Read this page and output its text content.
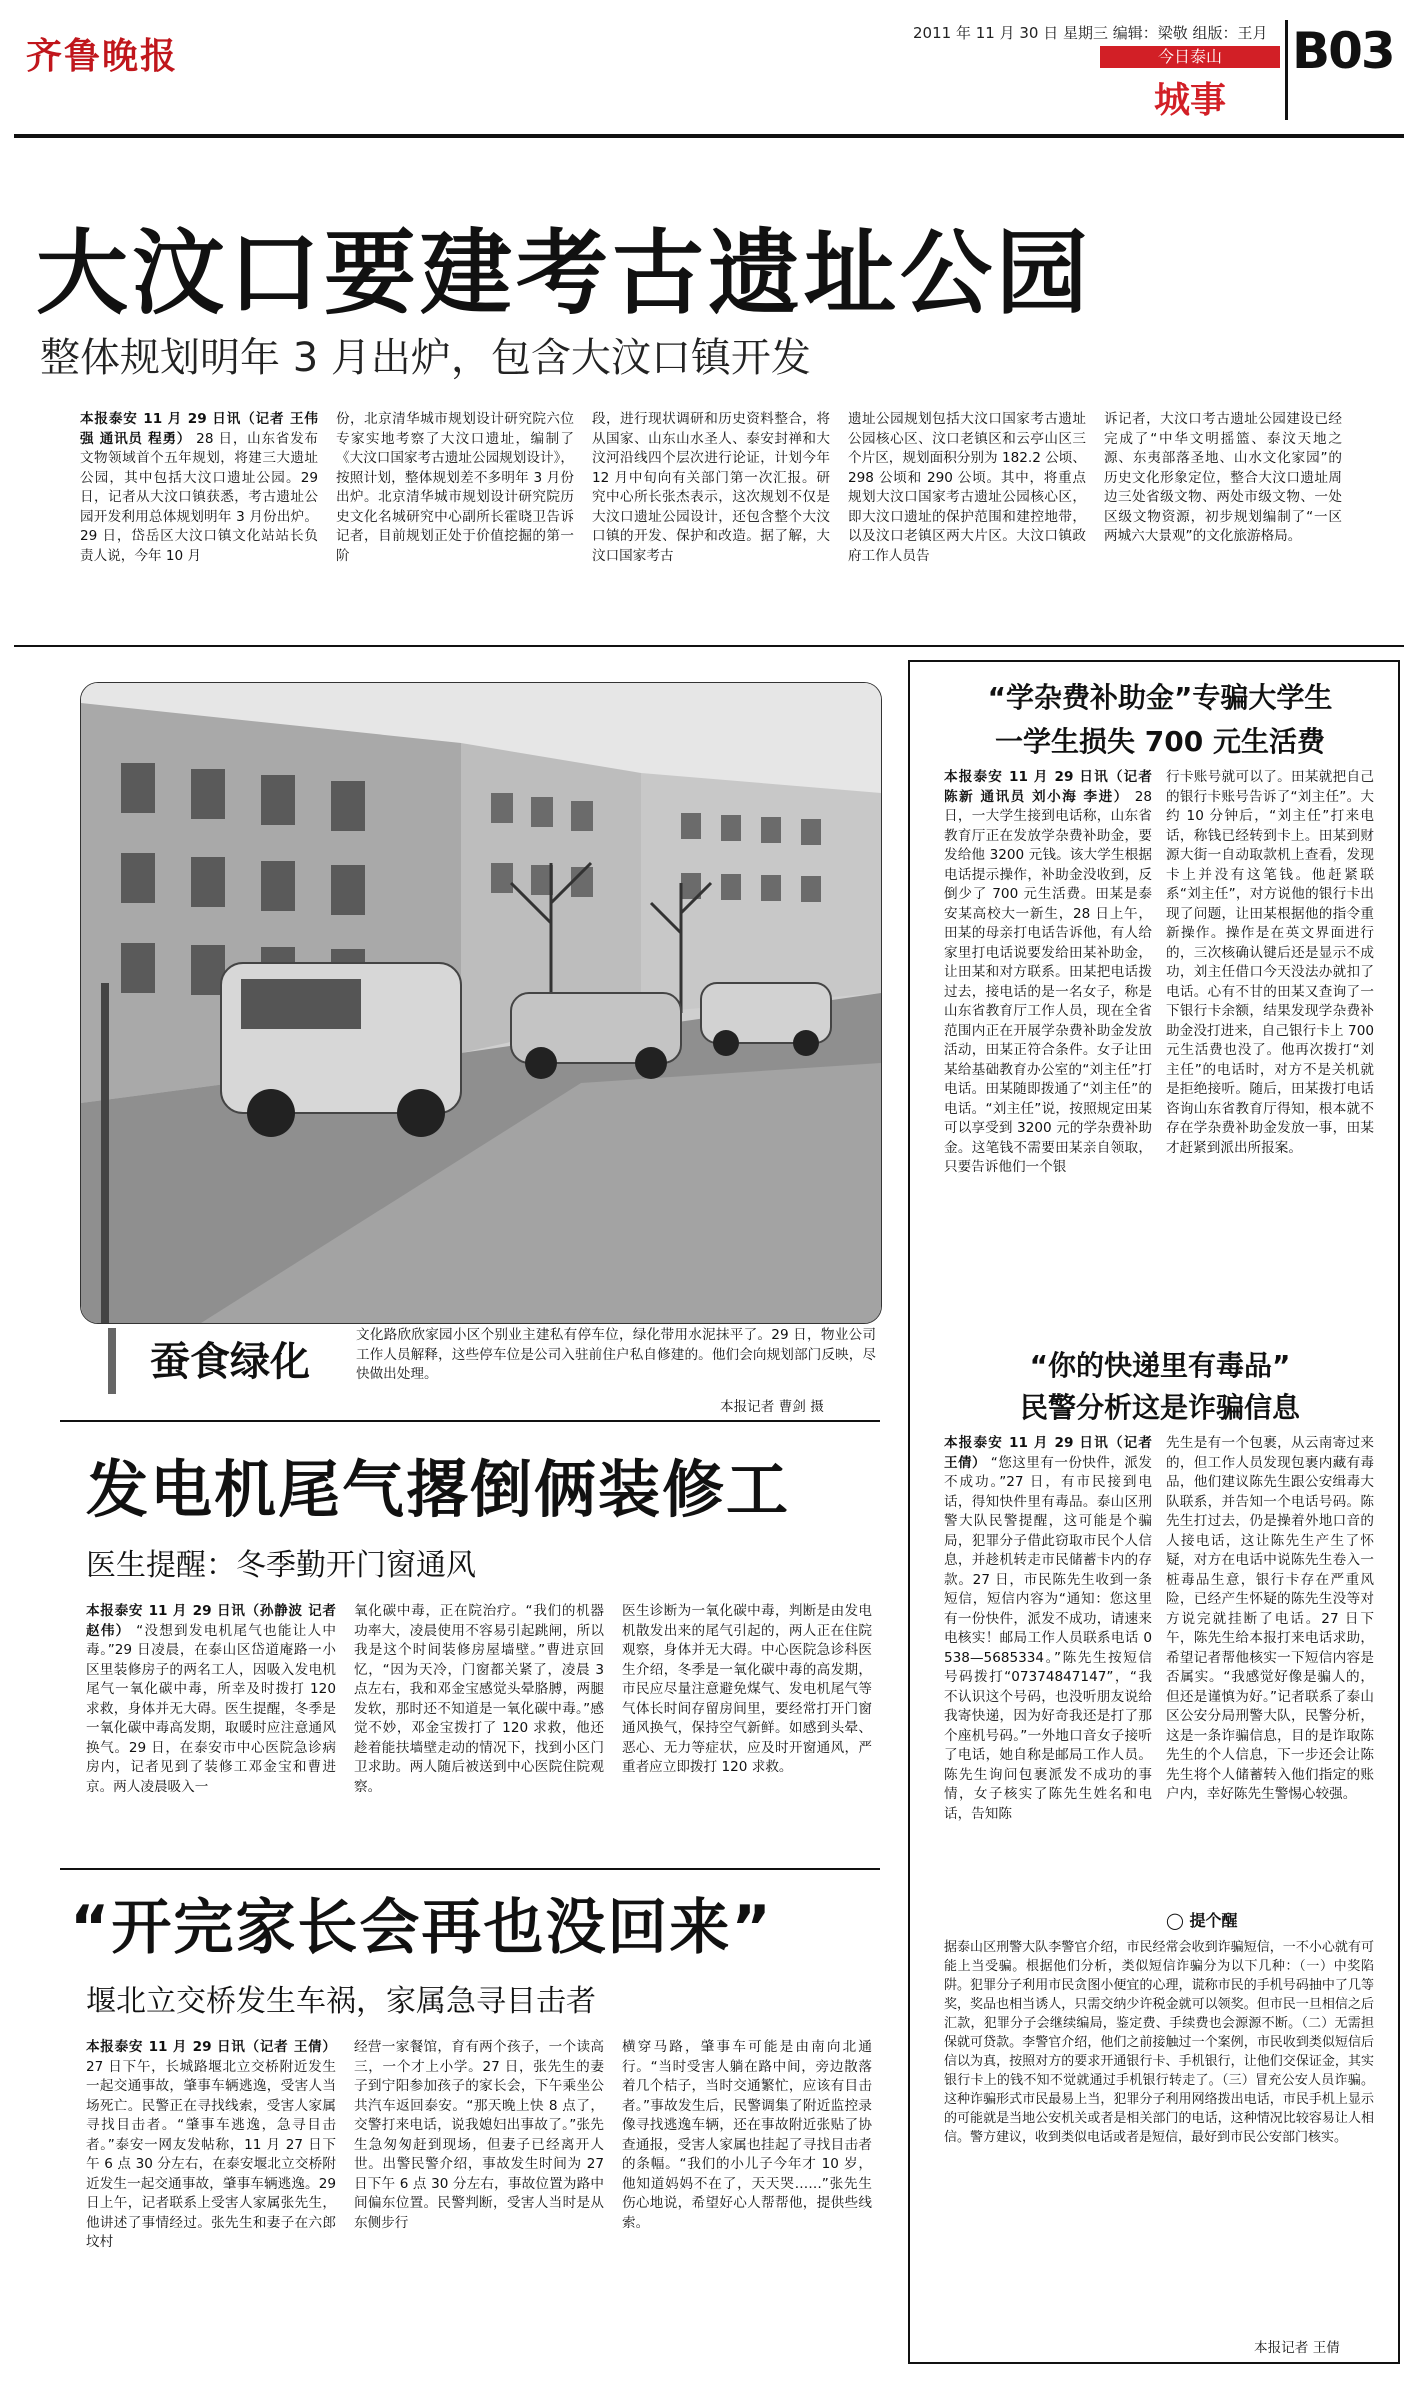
齐鲁晚报
2011 年 11 月 30 日 星期三 编辑：梁敬 组版：王月
今日泰山
城事
B03
大汶口要建考古遗址公园
整体规划明年 3 月出炉，包含大汶口镇开发
本报泰安 11 月 29 日讯（记者 王伟强 通讯员 程勇） 28 日，山东省发布文物领域首个五年规划，将建三大遗址公园，其中包括大汶口遗址公园。29 日，记者从大汶口镇获悉，考古遗址公园开发利用总体规划明年 3 月份出炉。29 日，岱岳区大汶口镇文化站站长负责人说，今年 10 月
份，北京清华城市规划设计研究院六位专家实地考察了大汶口遗址，编制了《大汶口国家考古遗址公园规划设计》，按照计划，整体规划差不多明年 3 月份出炉。北京清华城市规划设计研究院历史文化名城研究中心副所长霍晓卫告诉记者，目前规划正处于价值挖掘的第一阶
段，进行现状调研和历史资料整合，将从国家、山东山水圣人、泰安封禅和大汶河沿线四个层次进行论证，计划今年 12 月中旬向有关部门第一次汇报。研究中心所长张杰表示，这次规划不仅是大汶口遗址公园设计，还包含整个大汶口镇的开发、保护和改造。据了解，大汶口国家考古
遗址公园规划包括大汶口国家考古遗址公园核心区、汶口老镇区和云亭山区三个片区，规划面积分别为 182.2 公顷、298 公顷和 290 公顷。其中，将重点规划大汶口国家考古遗址公园核心区，即大汶口遗址的保护范围和建控地带，以及汶口老镇区两大片区。大汶口镇政府工作人员告
诉记者，大汶口考古遗址公园建设已经完成了“中华文明摇篮、泰汶天地之源、东夷部落圣地、山水文化家园”的历史文化形象定位，整合大汶口遗址周边三处省级文物、两处市级文物、一处区级文物资源，初步规划编制了“一区两城六大景观”的文化旅游格局。
蚕食绿化
文化路欣欣家园小区个别业主建私有停车位，绿化带用水泥抹平了。29 日，物业公司工作人员解释，这些停车位是公司入驻前住户私自修建的。他们会向规划部门反映，尽快做出处理。
本报记者 曹剑 摄
发电机尾气撂倒俩装修工
医生提醒：冬季勤开门窗通风
本报泰安 11 月 29 日讯（孙静波 记者 赵伟） “没想到发电机尾气也能让人中毒。”29 日凌晨，在泰山区岱道庵路一小区里装修房子的两名工人，因吸入发电机尾气一氧化碳中毒，所幸及时拨打 120 求救，身体并无大碍。医生提醒，冬季是一氧化碳中毒高发期，取暖时应注意通风换气。29 日，在泰安市中心医院急诊病房内，记者见到了装修工邓金宝和曹进京。两人凌晨吸入一
氧化碳中毒，正在院治疗。“我们的机器功率大，凌晨使用不容易引起跳闸，所以我是这个时间装修房屋墙壁。”曹进京回忆，“因为天冷，门窗都关紧了，凌晨 3 点左右，我和邓金宝感觉头晕胳膊，两腿发软，那时还不知道是一氧化碳中毒。”感觉不妙，邓金宝拨打了 120 求救，他还趁着能扶墙壁走动的情况下，找到小区门卫求助。两人随后被送到中心医院住院观察。
医生诊断为一氧化碳中毒，判断是由发电机散发出来的尾气引起的，两人正在住院观察，身体并无大碍。中心医院急诊科医生介绍，冬季是一氧化碳中毒的高发期，市民应尽量注意避免煤气、发电机尾气等气体长时间存留房间里，要经常打开门窗通风换气，保持空气新鲜。如感到头晕、恶心、无力等症状，应及时开窗通风，严重者应立即拨打 120 求救。
“开完家长会再也没回来”
堰北立交桥发生车祸，家属急寻目击者
本报泰安 11 月 29 日讯（记者 王倩） 27 日下午，长城路堰北立交桥附近发生一起交通事故，肇事车辆逃逸，受害人当场死亡。民警正在寻找线索，受害人家属寻找目击者。“肇事车逃逸，急寻目击者。”泰安一网友发帖称，11 月 27 日下午 6 点 30 分左右，在泰安堰北立交桥附近发生一起交通事故，肇事车辆逃逸。29 日上午，记者联系上受害人家属张先生，他讲述了事情经过。张先生和妻子在六郎坟村
经营一家餐馆，育有两个孩子，一个读高三，一个才上小学。27 日，张先生的妻子到宁阳参加孩子的家长会，下午乘坐公共汽车返回泰安。“那天晚上快 8 点了，交警打来电话，说我媳妇出事故了。”张先生急匆匆赶到现场，但妻子已经离开人世。出警民警介绍，事故发生时间为 27 日下午 6 点 30 分左右，事故位置为路中间偏东位置。民警判断，受害人当时是从东侧步行
横穿马路，肇事车可能是由南向北通行。“当时受害人躺在路中间，旁边散落着几个桔子，当时交通繁忙，应该有目击者。”事故发生后，民警调集了附近监控录像寻找逃逸车辆，还在事故附近张贴了协查通报，受害人家属也挂起了寻找目击者的条幅。“我们的小儿子今年才 10 岁，他知道妈妈不在了，天天哭……”张先生伤心地说，希望好心人帮帮他，提供些线索。
“学杂费补助金”专骗大学生
一学生损失 700 元生活费
本报泰安 11 月 29 日讯（记者 陈新 通讯员 刘小海 李进） 28 日，一大学生接到电话称，山东省教育厅正在发放学杂费补助金，要发给他 3200 元钱。该大学生根据电话提示操作，补助金没收到，反倒少了 700 元生活费。田某是泰安某高校大一新生，28 日上午，田某的母亲打电话告诉他，有人给家里打电话说要发给田某补助金，让田某和对方联系。田某把电话拨过去，接电话的是一名女子，称是山东省教育厅工作人员，现在全省范围内正在开展学杂费补助金发放活动，田某正符合条件。女子让田某给基础教育办公室的“刘主任”打电话。田某随即拨通了“刘主任”的电话。“刘主任”说，按照规定田某可以享受到 3200 元的学杂费补助金。这笔钱不需要田某亲自领取，只要告诉他们一个银
行卡账号就可以了。田某就把自己的银行卡账号告诉了“刘主任”。大约 10 分钟后，“刘主任”打来电话，称钱已经转到卡上。田某到财源大街一自动取款机上查看，发现卡上并没有这笔钱。他赶紧联系“刘主任”，对方说他的银行卡出现了问题，让田某根据他的指令重新操作。操作是在英文界面进行的，三次核确认键后还是显示不成功，刘主任借口今天没法办就扣了电话。心有不甘的田某又查询了一下银行卡余额，结果发现学杂费补助金没打进来，自己银行卡上 700 元生活费也没了。他再次拨打“刘主任”的电话时，对方不是关机就是拒绝接听。随后，田某拨打电话咨询山东省教育厅得知，根本就不存在学杂费补助金发放一事，田某才赶紧到派出所报案。
“你的快递里有毒品”
民警分析这是诈骗信息
本报泰安 11 月 29 日讯（记者 王倩） “您这里有一份快件，派发不成功。”27 日，有市民接到电话，得知快件里有毒品。泰山区刑警大队民警提醒，这可能是个骗局，犯罪分子借此窃取市民个人信息，并趁机转走市民储蓄卡内的存款。27 日，市民陈先生收到一条短信，短信内容为“通知：您这里有一份快件，派发不成功，请速来电核实！邮局工作人员联系电话 0538—5685334。”陈先生按短信号码拨打“07374847147”，“我不认识这个号码，也没听朋友说给我寄快递，因为好奇我还是打了那个座机号码。”一外地口音女子接听了电话，她自称是邮局工作人员。陈先生询问包裹派发不成功的事情，女子核实了陈先生姓名和电话，告知陈
先生是有一个包裹，从云南寄过来的，但工作人员发现包裹内藏有毒品，他们建议陈先生跟公安缉毒大队联系，并告知一个电话号码。陈先生打过去，仍是操着外地口音的人接电话，这让陈先生产生了怀疑，对方在电话中说陈先生卷入一桩毒品生意，银行卡存在严重风险，已经产生怀疑的陈先生没等对方说完就挂断了电话。27 日下午，陈先生给本报打来电话求助，希望记者帮他核实一下短信内容是否属实。“我感觉好像是骗人的，但还是谨慎为好。”记者联系了泰山区公安分局刑警大队，民警分析，这是一条诈骗信息，目的是诈取陈先生的个人信息，下一步还会让陈先生将个人储蓄转入他们指定的账户内，幸好陈先生警惕心较强。
◯ 提个醒
据泰山区刑警大队李警官介绍，市民经常会收到诈骗短信，一不小心就有可能上当受骗。根据他们分析，类似短信诈骗分为以下几种：（一）中奖陷阱。犯罪分子利用市民贪图小便宜的心理，谎称市民的手机号码抽中了几等奖，奖品也相当诱人，只需交纳少许税金就可以领奖。但市民一旦相信之后汇款，犯罪分子会继续编局，鉴定费、手续费也会源源不断。（二）无需担保就可贷款。李警官介绍，他们之前接触过一个案例，市民收到类似短信后信以为真，按照对方的要求开通银行卡、手机银行，让他们交保证金，其实银行卡上的钱不知不觉就通过手机银行转走了。（三）冒充公安人员诈骗。这种诈骗形式市民最易上当，犯罪分子利用网络拨出电话，市民手机上显示的可能就是当地公安机关或者是相关部门的电话，这种情况比较容易让人相信。警方建议，收到类似电话或者是短信，最好到市民公安部门核实。
本报记者 王倩
